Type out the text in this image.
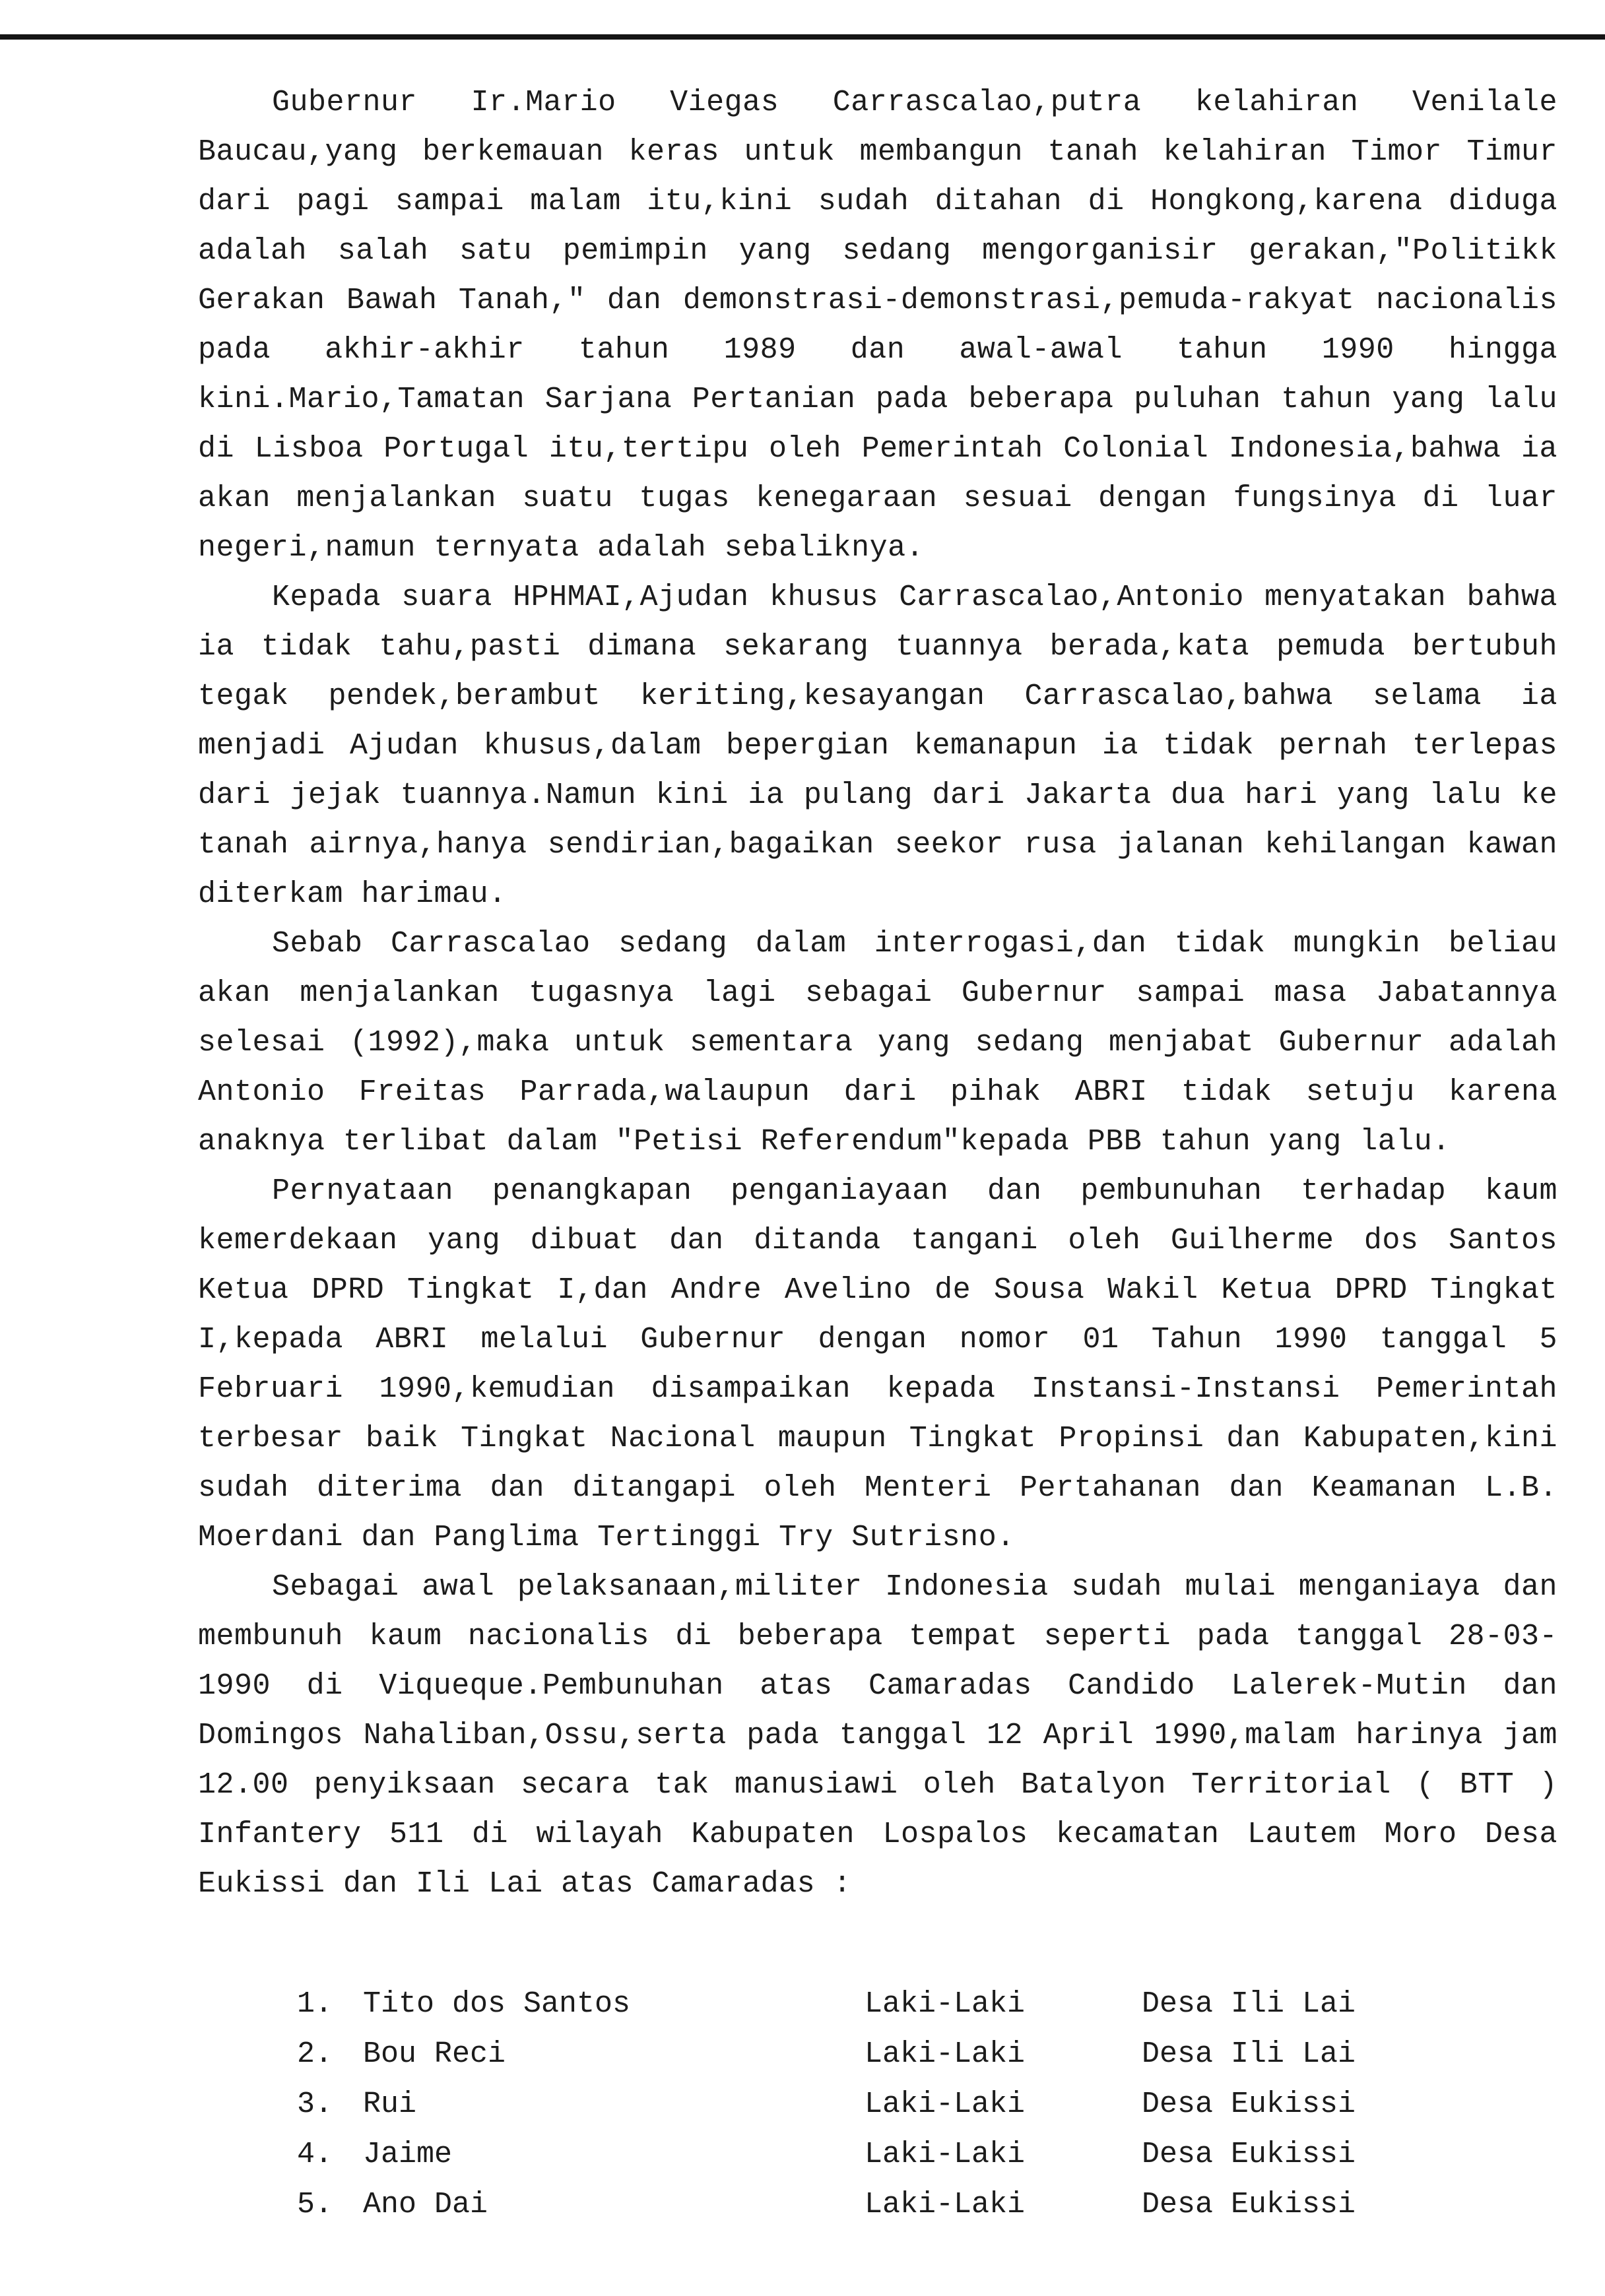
Gubernur Ir.Mario Viegas Carrascalao,putra kelahiran Venilale Baucau,yang berkemauan keras untuk membangun tanah kelahiran Timor Timur dari pagi sampai malam itu,kini sudah ditahan di Hongkong,karena diduga adalah salah satu pemimpin yang sedang mengorganisir gerakan,"Politikk Gerakan Bawah Tanah," dan demonstrasi-demonstrasi,pemuda-rakyat nacionalis pada akhir-akhir tahun 1989 dan awal-awal tahun 1990 hingga kini.Mario,Tamatan Sarjana Pertanian pada beberapa puluhan tahun yang lalu di Lisboa Portugal itu,tertipu oleh Pemerintah Colonial Indonesia,bahwa ia akan menjalankan suatu tugas kenegaraan sesuai dengan fungsinya di luar negeri,namun ternyata adalah sebaliknya.

Kepada suara HPHMAI,Ajudan khusus Carrascalao,Antonio menyatakan bahwa ia tidak tahu,pasti dimana sekarang tuannya berada,kata pemuda bertubuh tegak pendek,berambut keriting,kesayangan Carrascalao,bahwa selama ia menjadi Ajudan khusus,dalam bepergian kemanapun ia tidak pernah terlepas dari jejak tuannya.Namun kini ia pulang dari Jakarta dua hari yang lalu ke tanah airnya,hanya sendirian,bagaikan seekor rusa jalanan kehilangan kawan diterkam harimau.

Sebab Carrascalao sedang dalam interrogasi,dan tidak mungkin beliau akan menjalankan tugasnya lagi sebagai Gubernur sampai masa Jabatannya selesai (1992),maka untuk sementara yang sedang menjabat Gubernur adalah Antonio Freitas Parrada,walaupun dari pihak ABRI tidak setuju karena anaknya terlibat dalam "Petisi Referendum"kepada PBB tahun yang lalu.

Pernyataan penangkapan penganiayaan dan pembunuhan terhadap kaum kemerdekaan yang dibuat dan ditanda tangani oleh Guilherme dos Santos Ketua DPRD Tingkat I,dan Andre Avelino de Sousa Wakil Ketua DPRD Tingkat I,kepada ABRI melalui Gubernur dengan nomor 01 Tahun 1990 tanggal 5 Februari 1990,kemudian disampaikan kepada Instansi-Instansi Pemerintah terbesar baik Tingkat Nacional maupun Tingkat Propinsi dan Kabupaten,kini sudah diterima dan ditangapi oleh Menteri Pertahanan dan Keamanan L.B. Moerdani dan Panglima Tertinggi Try Sutrisno.

Sebagai awal pelaksanaan,militer Indonesia sudah mulai menganiaya dan membunuh kaum nacionalis di beberapa tempat seperti pada tanggal 28-03-1990 di Viqueque.Pembunuhan atas Camaradas Candido Lalerek-Mutin dan Domingos Nahaliban,Ossu,serta pada tanggal 12 April 1990,malam harinya jam 12.00 penyiksaan secara tak manusiawi oleh Batalyon Territorial ( BTT ) Infantery 511 di wilayah Kabupaten Lospalos kecamatan Lautem Moro Desa Eukissi dan Ili Lai atas Camaradas :

1.	Tito dos Santos	Laki-Laki	Desa Ili Lai
2.	Bou Reci	Laki-Laki	Desa Ili Lai
3.	Rui	Laki-Laki	Desa Eukissi
4.	Jaime	Laki-Laki	Desa Eukissi
5.	Ano Dai	Laki-Laki	Desa Eukissi
